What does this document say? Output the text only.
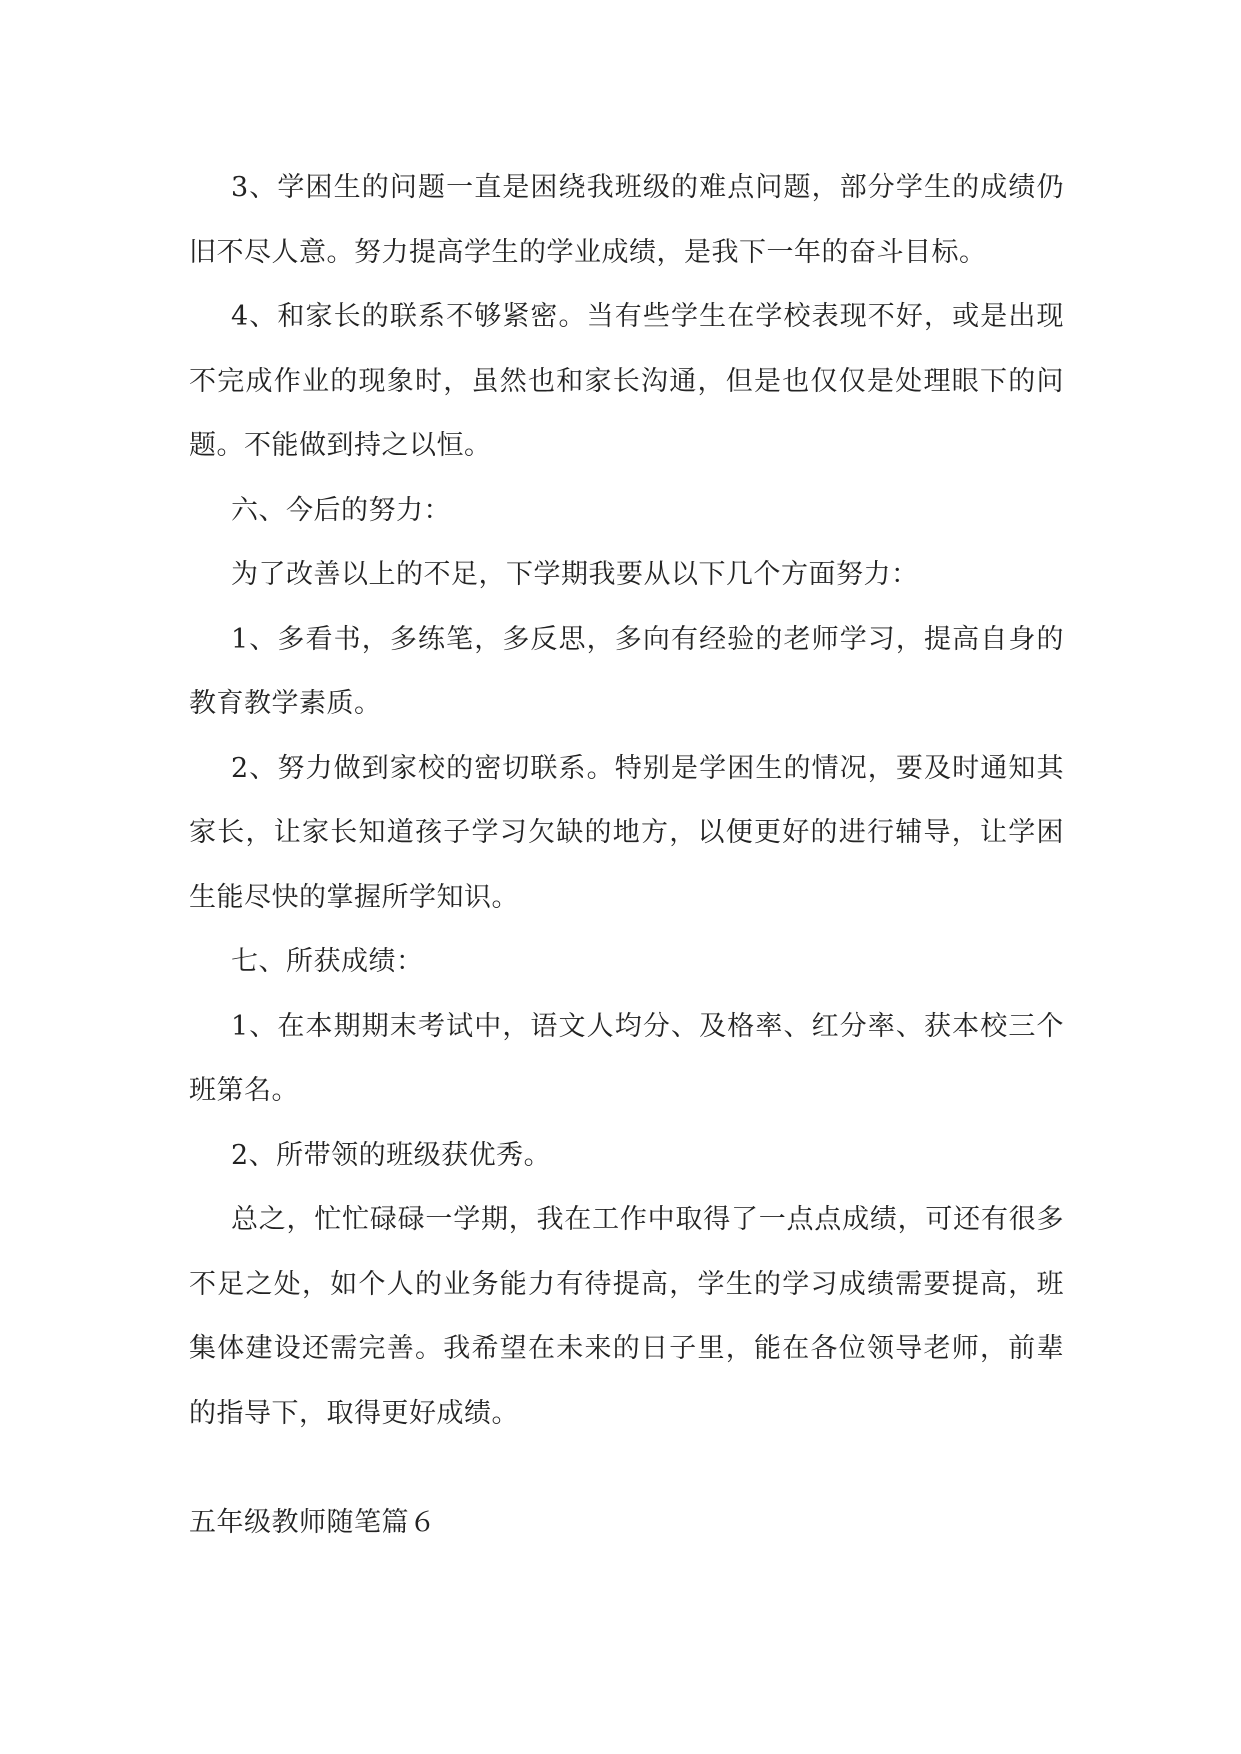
3、学困生的问题一直是困绕我班级的难点问题，部分学生的成绩仍旧不尽人意。努力提高学生的学业成绩，是我下一年的奋斗目标。

4、和家长的联系不够紧密。当有些学生在学校表现不好，或是出现不完成作业的现象时，虽然也和家长沟通，但是也仅仅是处理眼下的问题。不能做到持之以恒。

六、今后的努力：

为了改善以上的不足，下学期我要从以下几个方面努力：

1、多看书，多练笔，多反思，多向有经验的老师学习，提高自身的教育教学素质。

2、努力做到家校的密切联系。特别是学困生的情况，要及时通知其家长，让家长知道孩子学习欠缺的地方，以便更好的进行辅导，让学困生能尽快的掌握所学知识。

七、所获成绩：

1、在本期期末考试中，语文人均分、及格率、红分率、获本校三个班第名。

2、所带领的班级获优秀。

总之，忙忙碌碌一学期，我在工作中取得了一点点成绩，可还有很多不足之处，如个人的业务能力有待提高，学生的学习成绩需要提高，班集体建设还需完善。我希望在未来的日子里，能在各位领导老师，前辈的指导下，取得更好成绩。

五年级教师随笔篇６
